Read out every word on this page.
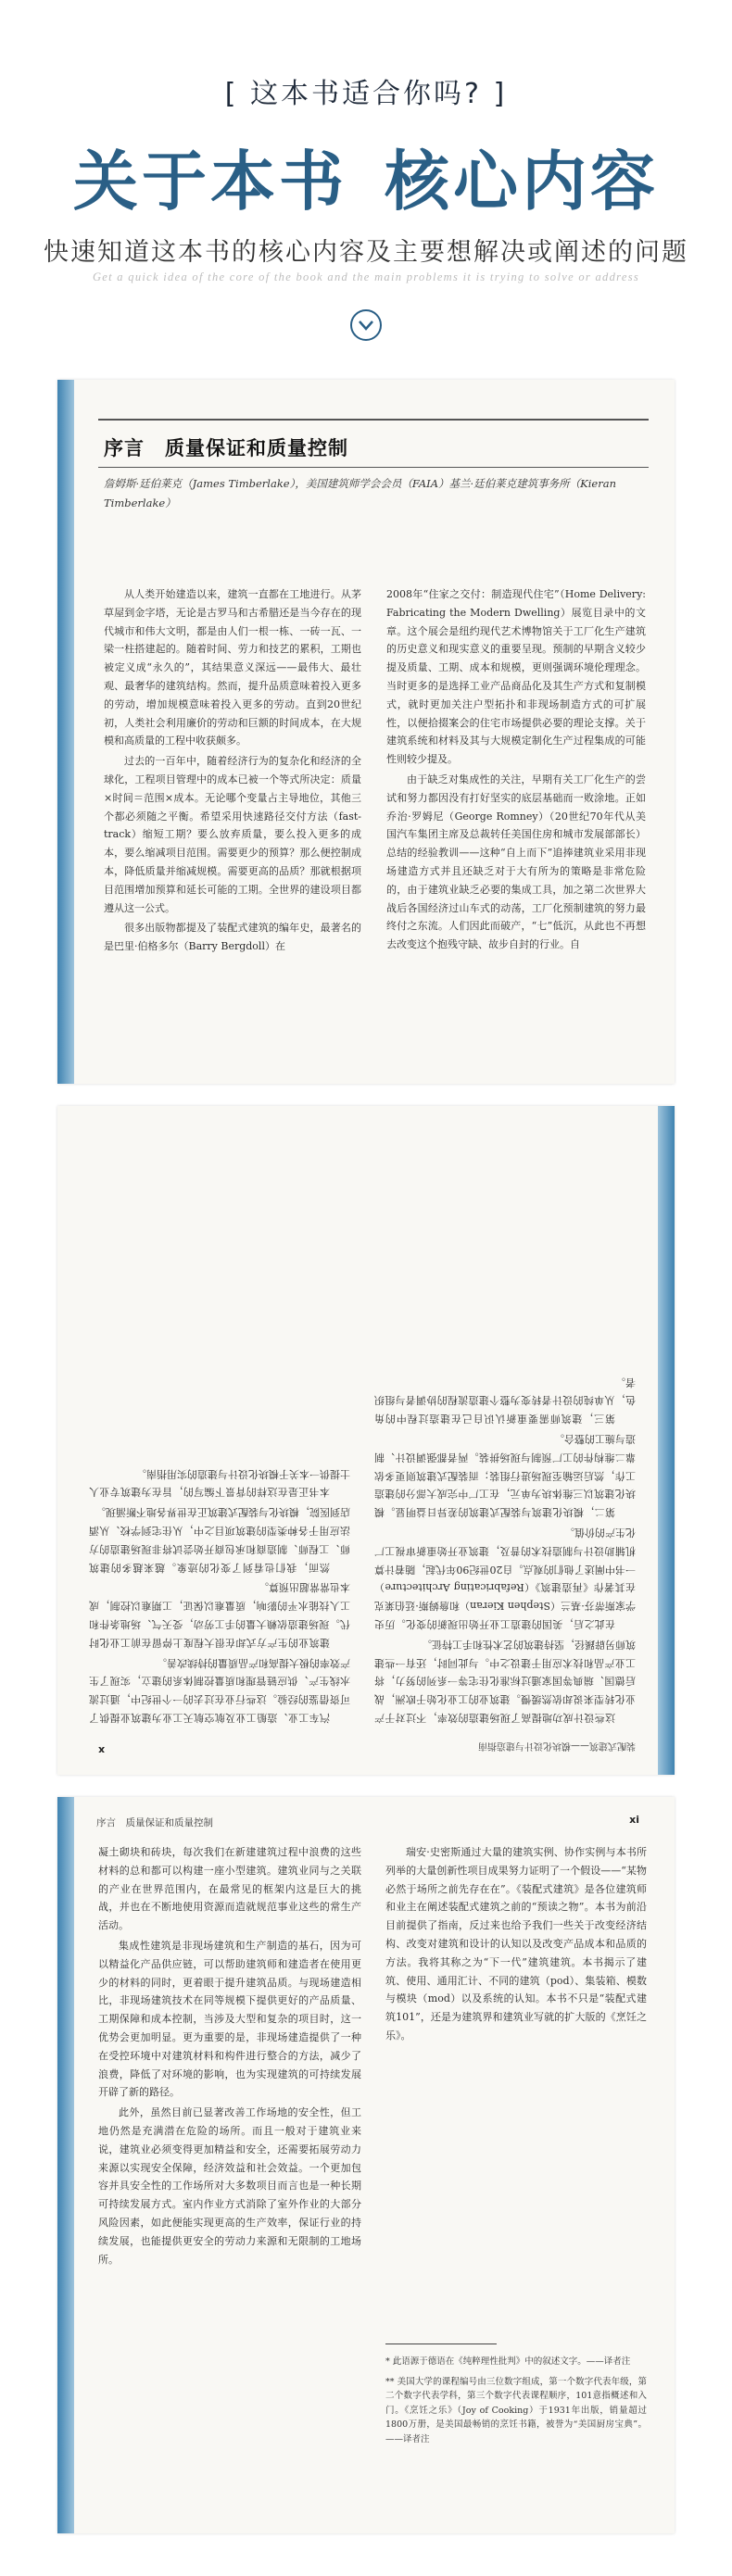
[ 这本书适合你吗? ]
关于本书 核心内容
快速知道这本书的核心内容及主要想解决或阐述的问题
Get a quick idea of the core of the book and the main problems it is trying to solve or address
序言　质量保证和质量控制
詹姆斯·廷伯莱克（James Timberlake），美国建筑师学会会员（FAIA）基兰·廷伯莱克建筑事务所（Kieran Timberlake）

从人类开始建造以来，建筑一直都在工地进行。从茅草屋到金字塔，无论是古罗马和古希腊还是当今存在的现代城市和伟大文明，都是由人们一根一栋、一砖一瓦、一梁一柱搭建起的。随着时间、劳力和技艺的累积，工期也被定义成“永久的”，其结果意义深远——最伟大、最壮观、最奢华的建筑结构。然而，提升品质意味着投入更多的劳动，增加规模意味着投入更多的劳动。直到20世纪初，人类社会利用廉价的劳动和巨额的时间成本，在大规模和高质量的工程中收获颇多。

过去的一百年中，随着经济行为的复杂化和经济的全球化，工程项目管理中的成本已被一个等式所决定：质量×时间＝范围×成本。无论哪个变量占主导地位，其他三个都必须随之平衡。希望采用快速路径交付方法（fast-track）缩短工期？要么放弃质量，要么投入更多的成本，要么缩减项目范围。需要更少的预算？那么便控制成本，降低质量并缩减规模。需要更高的品质？那就根据项目范围增加预算和延长可能的工期。全世界的建设项目都遵从这一公式。

很多出版物都提及了装配式建筑的编年史，最著名的是巴里·伯格多尔（Barry Bergdoll）在

2008年“住家之交付：制造现代住宅”（Home Delivery: Fabricating the Modern Dwelling）展览目录中的文章。这个展会是纽约现代艺术博物馆关于工厂化生产建筑的历史意义和现实意义的重要呈现。预制的早期含义较少提及质量、工期、成本和规模，更则强调环境伦理理念。当时更多的是选择工业产品商品化及其生产方式和复制模式，就时更加关注户型拓扑和非现场制造方式的可扩展性，以便拾掇案会的住宅市场提供必要的理论支撑。关于建筑系统和材料及其与大规模定制化生产过程集成的可能性则较少提及。

由于缺乏对集成性的关注，早期有关工厂化生产的尝试和努力都因没有打好坚实的底层基础而一败涂地。正如乔治·罗姆尼（George Romney）（20世纪70年代从美国汽车集团主席及总裁转任美国住房和城市发展部部长）总结的经验教训——这种“自上而下”追捧建筑业采用非现场建造方式并且还缺乏对于大有所为的策略是非常危险的，由于建筑业缺乏必要的集成工具，加之第二次世界大战后各国经济过山车式的动荡，工厂化预制建筑的努力最终付之东流。人们因此而破产，“七”低沉，从此也不再想去改变这个抱残守缺、故步自封的行业。自

装配式建筑——模块化设计与建造指南
x

这些设计成功地提高了现场建造的效率，不过对于产业化转型来说却依然缓慢。建筑业的工业化始于欧洲，战后德国、瑞典等国家通过标准化住宅等一系列的努力，将工业产品和技术应用于建设之中。与此同时，还有一些建筑师另辟蹊径，坚持建筑的艺术性和手工特征。

在此之后，美国的建造工业开始出现新的变化。历史学家斯蒂芬·基兰（Stephen Kieran）和詹姆斯·廷伯莱克在其著作《再造建筑》（Refabricating Architecture）一书中阐述了他们的观点。自20世纪90年代起，随着计算机辅助设计与制造技术的普及，建筑业开始重新审视工厂化生产的价值。

第二，模块化建筑与装配式建筑的差异日益明显。模块化建筑以三维体块为单元，在工厂中完成大部分的建造工作，然后运输至现场进行组装；而装配式建筑则更多依靠二维构件的工厂预制与现场拼装。两者都强调设计、制造与施工的整合。

第三，建筑师需要重新认识自己在建造过程中的角色，从单纯的设计者转变为整个建造流程的协调者与组织者。

汽车工业、造船工业及航空航天工业为建筑业提供了可资借鉴的经验。这些行业在过去的一个世纪中，通过流水线生产、供应链管理和质量控制体系的建立，实现了生产效率的极大提高和产品质量的持续改善。

建筑业的生产方式却在很大程度上停留在前工业化时代。现场建造依赖大量的手工劳动，受天气、场地条件和工人技能水平的影响，质量难以保证，工期难以控制，成本也常常超出预算。

然而，我们也看到了变化的迹象。越来越多的建筑师、工程师、制造商和承包商开始尝试将非现场建造的方法应用于各种类型的建筑项目之中，从住宅到学校、从酒店到医院，模块化与装配式建筑正在世界各地不断涌现。

本书正是在这样的背景下编写的，旨在为建筑专业人士提供一本关于模块化设计与建造的实用指南。

序言　质量保证和质量控制	xi

凝土砌块和砖块，每次我们在新建建筑过程中浪费的这些材料的总和都可以构建一座小型建筑。建筑业同与之关联的产业在世界范围内，在最常见的框架内这是巨大的挑战，并也在不断地使用资源而造就规范事业这些的常生产活动。

集成性建筑是非现场建筑和生产制造的基石，因为可以精益化产品供应链，可以帮助建筑师和建造者在使用更少的材料的同时，更着眼于提升建筑品质。与现场建造相比，非现场建筑技术在同等规模下提供更好的产品质量、工期保障和成本控制，当涉及大型和复杂的项目时，这一优势会更加明显。更为重要的是，非现场建造提供了一种在受控环境中对建筑材料和构件进行整合的方法，减少了浪费，降低了对环境的影响，也为实现建筑的可持续发展开辟了新的路径。

此外，虽然目前已显著改善工作场地的安全性，但工地仍然是充满潜在危险的场所。而且一般对于建筑业来说，建筑业必须变得更加精益和安全，还需要拓展劳动力来源以实现安全保障，经济效益和社会效益。一个更加包容并具安全性的工作场所对大多数项目而言也是一种长期可持续发展方式。室内作业方式消除了室外作业的大部分风险因素，如此便能实现更高的生产效率，保证行业的持续发展，也能提供更安全的劳动力来源和无限制的工地场所。

瑞安·史密斯通过大量的建筑实例、协作实例与本书所列举的大量创新性项目成果努力证明了一个假设——“某物必然于场所之前先存在在”。《装配式建筑》是各位建筑师和业主在阐述装配式建筑之前的“预读之物”。本书为前沿目前提供了指南，反过来也给予我们一些关于改变经济结构、改变对建筑和设计的认知以及改变产品成本和品质的方法。我将其称之为“下一代”建筑建筑。本书揭示了建筑、使用、通用汇计、不同的建筑（pod）、集装箱、模数与模块（mod）以及系统的认知。本书不只是“装配式建筑101”，还是为建筑界和建筑业写就的扩大版的《烹饪之乐》。

* 此语源于德语在《纯粹理性批判》中的叙述文字。——译者注

** 美国大学的课程编号由三位数字组成，第一个数字代表年级，第二个数字代表学科，第三个数字代表课程顺序，101意指概述和入门。《烹饪之乐》（Joy of Cooking）于1931年出版，销量超过1800万册，是美国最畅销的烹饪书籍，被誉为“美国厨房宝典”。——译者注
